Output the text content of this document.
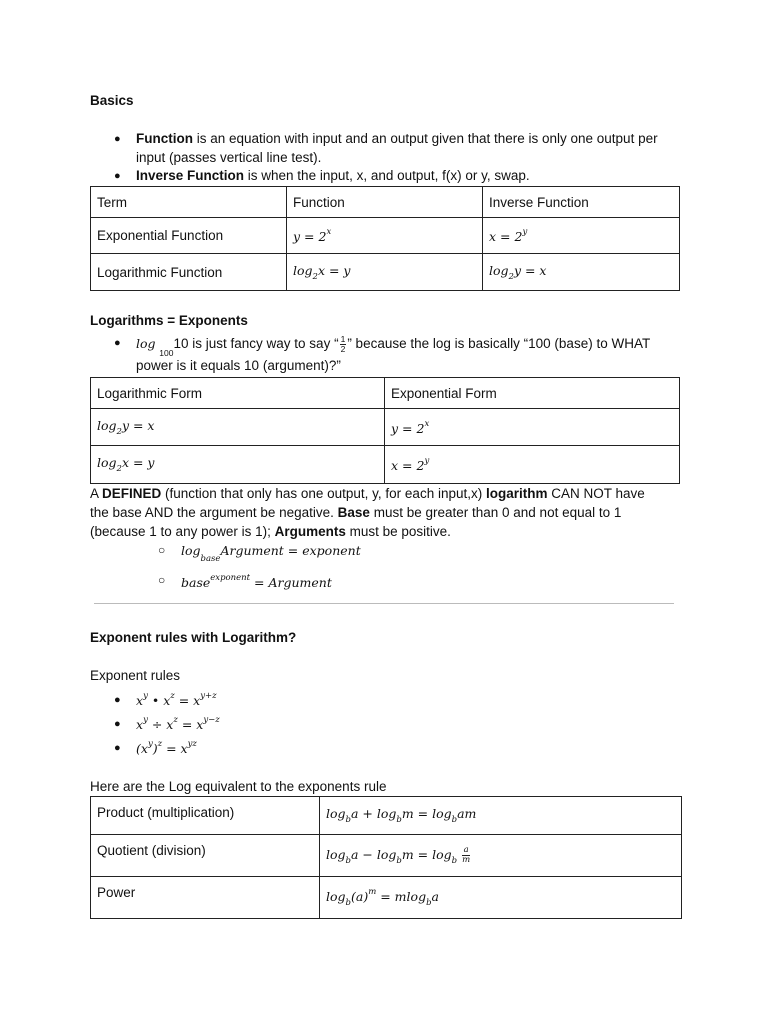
Basics
● Function is an equation with input and an output given that there is only one output per
input (passes vertical line test).
● Inverse Function is when the input, x, and output, f(x) or y, swap.
Term	Function	Inverse Function
Exponential Function	$y = 2^x$	$x = 2^y$
Logarithmic Function	$\log_2x = y$	$\log_2y = x$
Logarithms = Exponents
● log $_{100}$10 is just fancy way to say “ $\frac{1}{2}$ ” because the log is basically “100 (base) to WHAT
power is it equals 10 (argument)?”
Logarithmic Form	Exponential Form
$\log_2y = x$	$y = 2^x$
$\log_2x = y$	$x = 2^y$
A DEFINED (function that only has one output, y, for each input,x) logarithm CAN NOT have
the base AND the argument be negative. Base must be greater than 0 and not equal to 1
(because 1 to any power is 1); Arguments must be positive.
○ $\log_{base}Argument$ = exponent
○ base$^{exponent}$ = Argument
Exponent rules with Logarithm?
Exponent rules
● $x^y$ • $x^z = x^{y+z}$
● $x^y \div x^z = x^{y-z}$
● $(x^y)^z = x^{yz}$
Here are the Log equivalent to the exponents rule
Product (multiplication)	$\log_ba + \log_bm = \log_bam$
Quotient (division)	$\log_ba - \log_bm = \log_b \frac{a}{m}$

Power	$\log_b(a)^m = mlog_ba$
